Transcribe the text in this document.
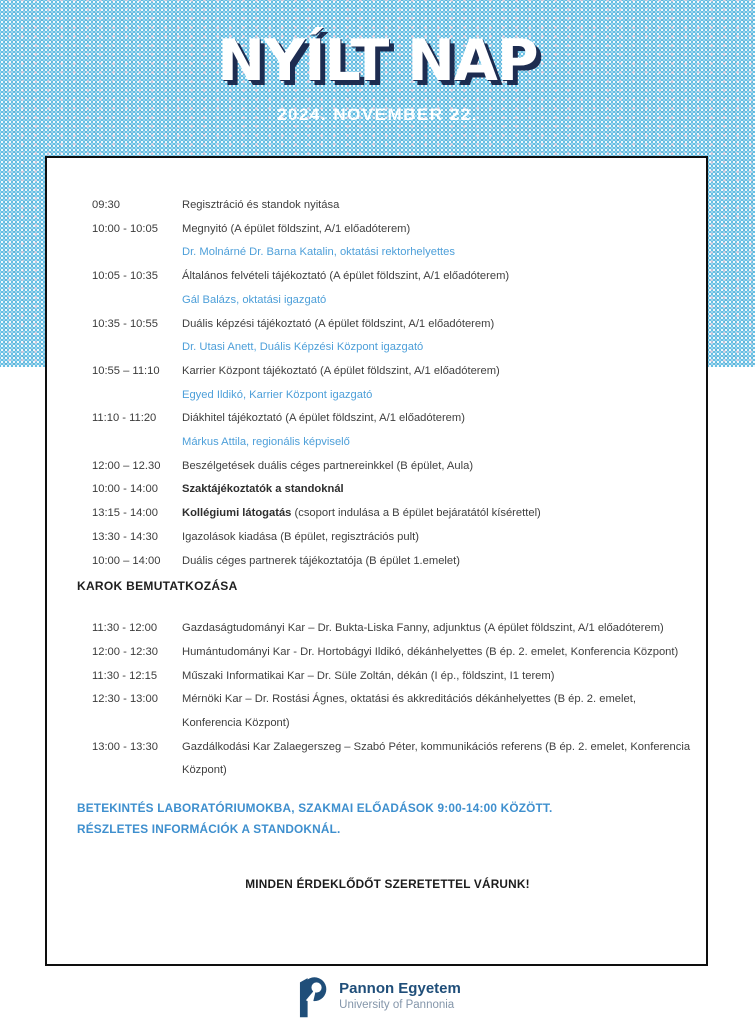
NYÍLT NAP
2024. NOVEMBER 22.
09:30	Regisztráció és standok nyitása
10:00 - 10:05	Megnyitó (A épület földszint, A/1 előadóterem)
Dr. Molnárné Dr. Barna Katalin, oktatási rektorhelyettes
10:05 - 10:35	Általános felvételi tájékoztató (A épület földszint, A/1 előadóterem)
Gál Balázs, oktatási igazgató
10:35 - 10:55	Duális képzési tájékoztató (A épület földszint, A/1 előadóterem)
Dr. Utasi Anett, Duális Képzési Központ igazgató
10:55 – 11:10	Karrier Központ tájékoztató (A épület földszint, A/1 előadóterem)
Egyed Ildikó, Karrier Központ igazgató
11:10 - 11:20	Diákhitel tájékoztató (A épület földszint, A/1 előadóterem)
Márkus Attila, regionális képviselő
12:00 – 12.30	Beszélgetések duális céges partnereinkkel (B épület, Aula)
10:00 - 14:00	Szaktájékoztatók a standoknál
13:15 - 14:00	Kollégiumi látogatás (csoport indulása a B épület bejáratától kísérettel)
13:30 - 14:30	Igazolások kiadása (B épület, regisztrációs pult)
10:00 – 14:00	Duális céges partnerek tájékoztatója (B épület 1.emelet)
KAROK BEMUTATKOZÁSA
11:30 - 12:00	Gazdaságtudományi Kar – Dr. Bukta-Liska Fanny, adjunktus (A épület földszint, A/1 előadóterem)
12:00 - 12:30	Humántudományi Kar - Dr. Hortobágyi Ildikó, dékánhelyettes (B ép. 2. emelet, Konferencia Központ)
11:30 - 12:15	Műszaki Informatikai Kar – Dr. Süle Zoltán, dékán (I ép., földszint, I1 terem)
12:30 - 13:00	Mérnöki Kar – Dr. Rostási Ágnes, oktatási és akkreditációs dékánhelyettes (B ép. 2. emelet, Konferencia Központ)
13:00 - 13:30	Gazdálkodási Kar Zalaegerszeg – Szabó Péter, kommunikációs referens (B ép. 2. emelet, Konferencia Központ)
BETEKINTÉS LABORATÓRIUMOKBA, SZAKMAI ELŐADÁSOK 9:00-14:00 KÖZÖTT.
RÉSZLETES INFORMÁCIÓK A STANDOKNÁL.
MINDEN ÉRDEKLŐDŐT SZERETETTEL VÁRUNK!
Pannon Egyetem
University of Pannonia
